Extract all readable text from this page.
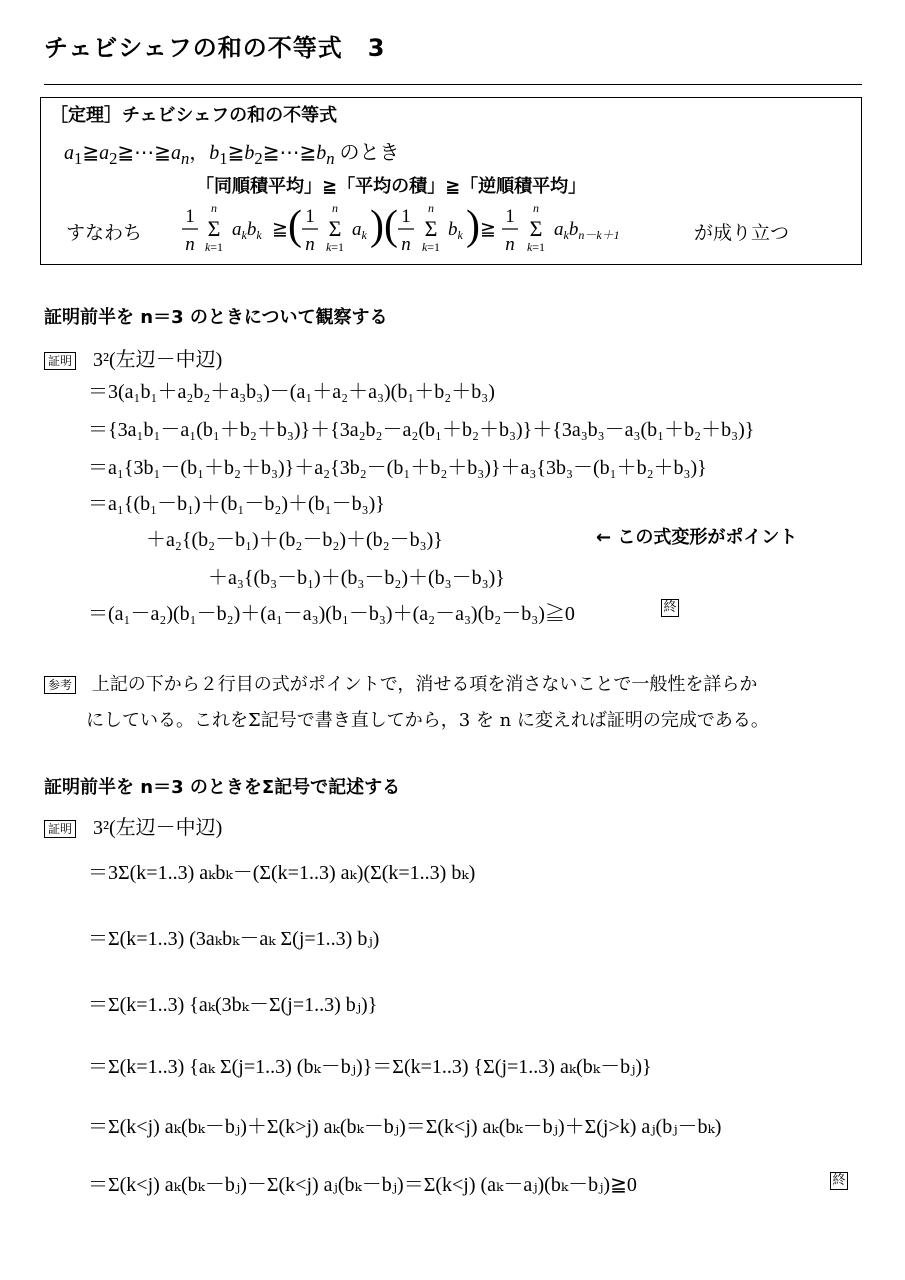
チェビシェフの和の不等式　3
［定理］チェビシェフの和の不等式
$a_1≧a_2≧\cdots≧a_n$，$b_1≧b_2≧\cdots≧b_n$ のとき
「同順積平均」≧「平均の積」≧「逆順積平均」
すなわち
1
n
n
Σ
k=1
$a_kb_k$ ≧ ( 1
n
n
Σ
k=1
$a_k$ ) ( 1
n
n
Σ
k=1
$b_k$ ) ≧
1
n
n
Σ
k=1
$a_kb_{n-k+1}$	が成り立つ
証明前半を n＝3 のときについて観察する
証明 3²(左辺－中辺)
＝3(a₁b₁＋a₂b₂＋a₃b₃)－(a₁＋a₂＋a₃)(b₁＋b₂＋b₃)
＝{3a₁b₁－a₁(b₁＋b₂＋b₃)}＋{3a₂b₂－a₂(b₁＋b₂＋b₃)}＋{3a₃b₃－a₃(b₁＋b₂＋b₃)}
＝a₁{3b₁－(b₁＋b₂＋b₃)}＋a₂{3b₂－(b₁＋b₂＋b₃)}＋a₃{3b₃－(b₁＋b₂＋b₃)}
＝a₁{(b₁－b₁)＋(b₁－b₂)＋(b₁－b₃)}
＋a₂{(b₂－b₁)＋(b₂－b₂)＋(b₂－b₃)}	← この式変形がポイント
＋a₃{(b₃－b₁)＋(b₃－b₂)＋(b₃－b₃)}
＝(a₁－a₂)(b₁－b₂)＋(a₁－a₃)(b₁－b₃)＋(a₂－a₃)(b₂－b₃)≧0	終
参考 上記の下から２行目の式がポイントで，消せる項を消さないことで一般性を詳らか
にしている。これをΣ記号で書き直してから，3 を n に変えれば証明の完成である。
証明前半を n＝3 のときをΣ記号で記述する
証明 3²(左辺－中辺)
＝3Σ(k=1..3) aₖbₖ－(Σ(k=1..3) aₖ)(Σ(k=1..3) bₖ)
＝Σ(k=1..3) (3aₖbₖ－aₖ Σ(j=1..3) bⱼ)
＝Σ(k=1..3) {aₖ(3bₖ－Σ(j=1..3) bⱼ)}
＝Σ(k=1..3) {aₖ Σ(j=1..3) (bₖ－bⱼ)}＝Σ(k=1..3) {Σ(j=1..3) aₖ(bₖ－bⱼ)}
＝Σ(k<j) aₖ(bₖ－bⱼ)＋Σ(k>j) aₖ(bₖ－bⱼ)＝Σ(k<j) aₖ(bₖ－bⱼ)＋Σ(j>k) aⱼ(bⱼ－bₖ)
＝Σ(k<j) aₖ(bₖ－bⱼ)－Σ(k<j) aⱼ(bₖ－bⱼ)＝Σ(k<j) (aₖ－aⱼ)(bₖ－bⱼ)≧0	終
